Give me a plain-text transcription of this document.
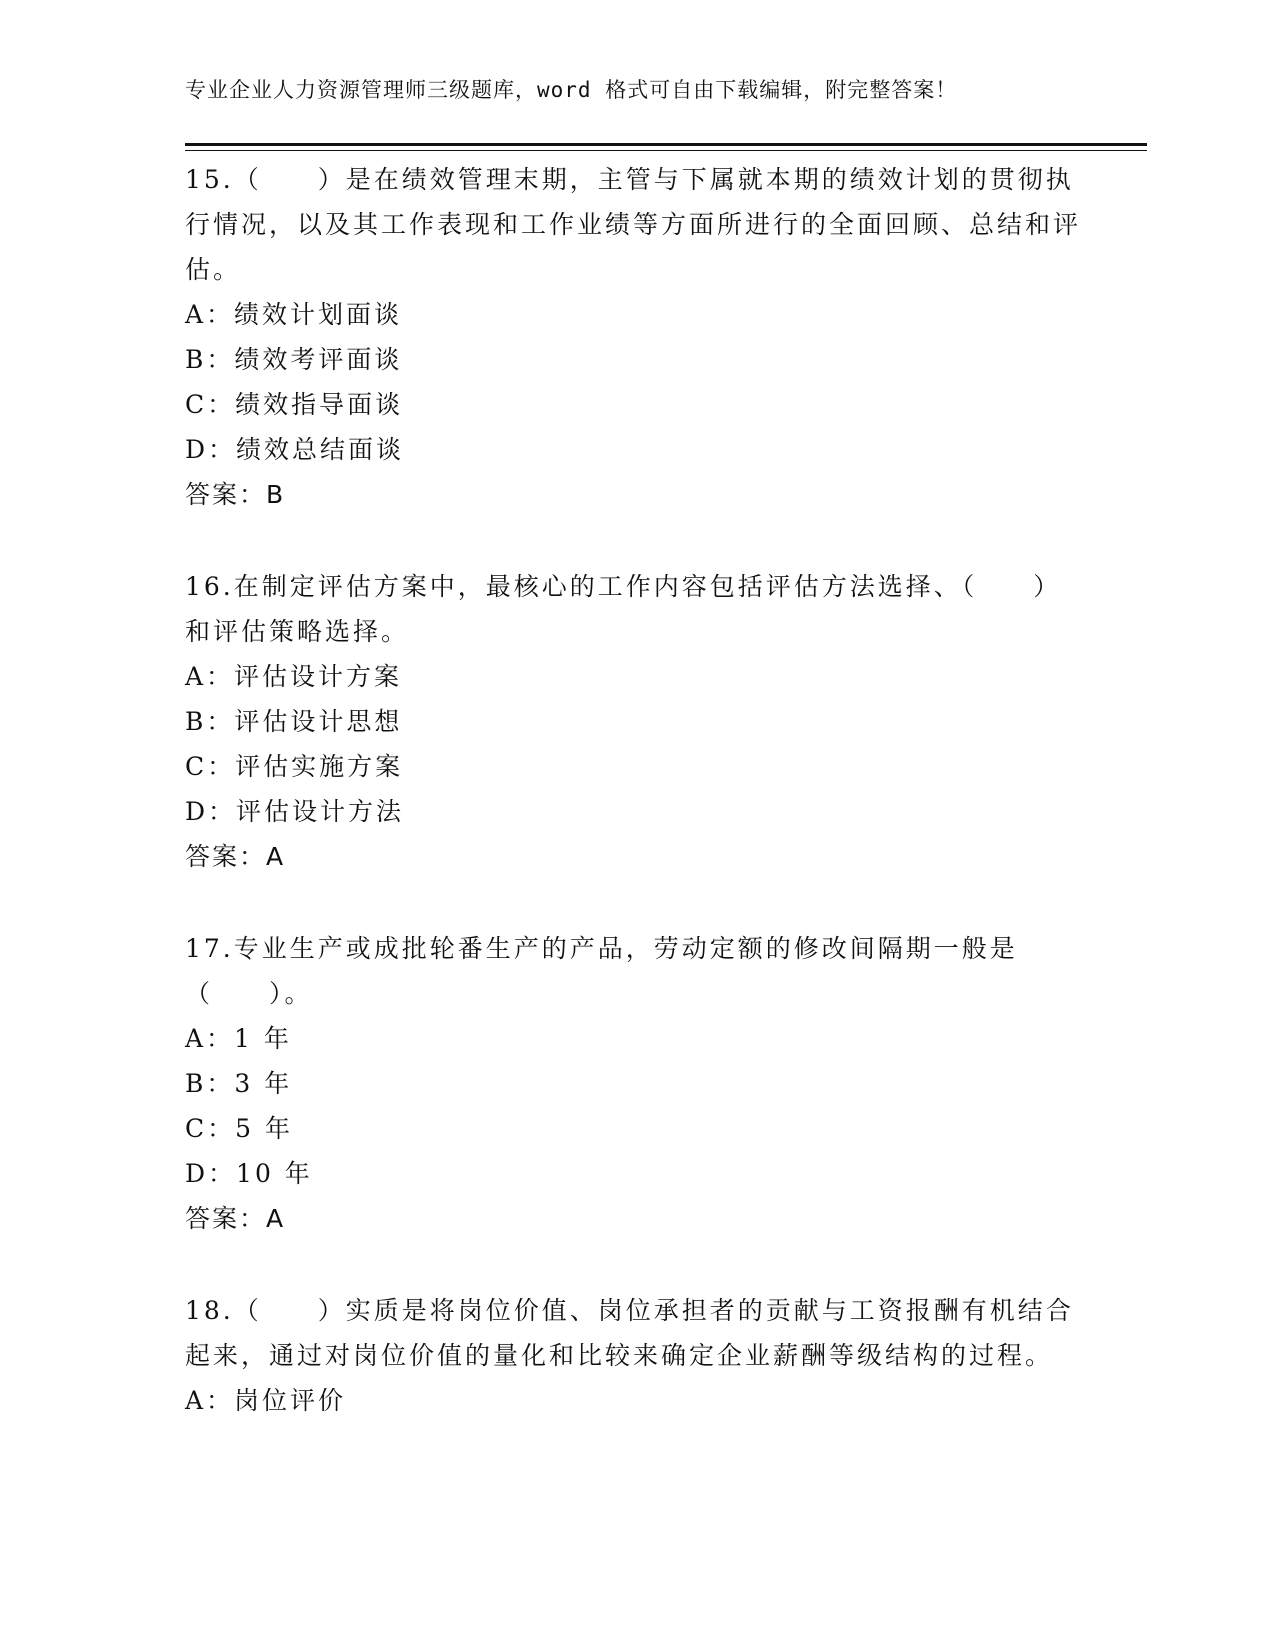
专业企业人力资源管理师三级题库，word 格式可自由下载编辑，附完整答案！

15.（　　）是在绩效管理末期，主管与下属就本期的绩效计划的贯彻执行情况，以及其工作表现和工作业绩等方面所进行的全面回顾、总结和评估。

A：绩效计划面谈

B：绩效考评面谈

C：绩效指导面谈

D：绩效总结面谈

答案：B

16.在制定评估方案中，最核心的工作内容包括评估方法选择、（　　）和评估策略选择。

A：评估设计方案

B：评估设计思想

C：评估实施方案

D：评估设计方法

答案：A

17.专业生产或成批轮番生产的产品，劳动定额的修改间隔期一般是（　　）。

A：1 年

B：3 年

C：5 年

D：10 年

答案：A

18.（　　）实质是将岗位价值、岗位承担者的贡献与工资报酬有机结合起来，通过对岗位价值的量化和比较来确定企业薪酬等级结构的过程。

A：岗位评价
